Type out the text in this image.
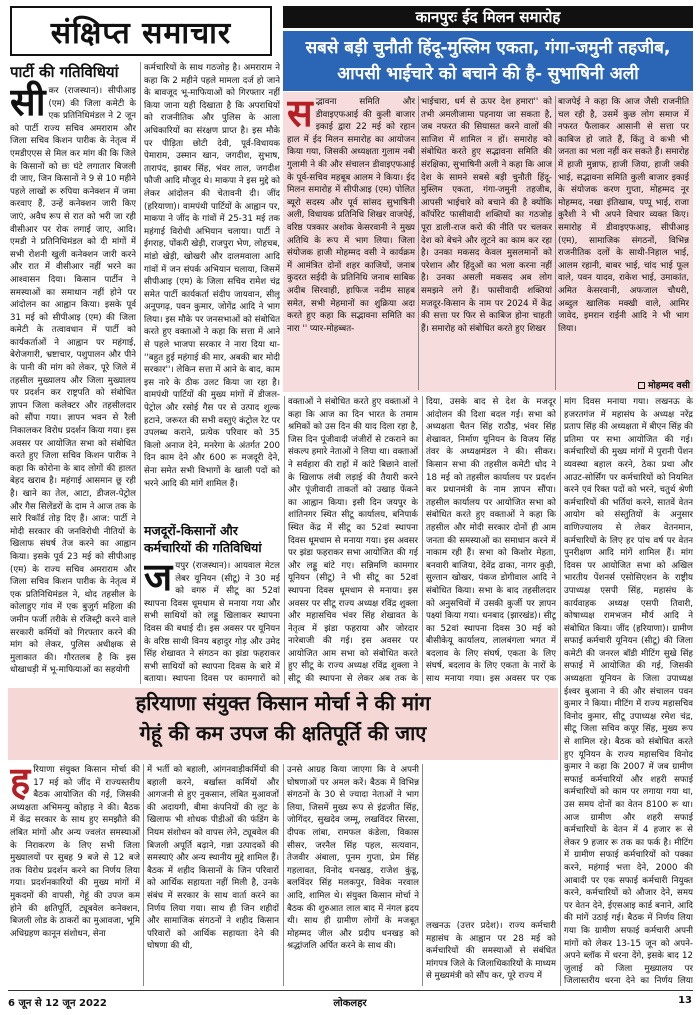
संक्षिप्त समाचार	कानपुरः ईद मिलन समारोह
सबसे बड़ी चुनौती हिंदू-मुस्लिम एकता, गंगा-जमुनी तहजीब,
आपसी भाईचारे को बचाने की है- सुभाषिनी अली
स द्भावना समिति और डीवाइएफआई की कुली बाजार इकाई द्वारा 22 मई को रहान हाल में ईद मिलन समारोह का आयोजन किया गया, जिसकी अध्यक्षता गुलाम नबी गुलामी ने की और संचालन डीवाइएफआई के पूर्व-सचिव महबूब आलम ने किया। ईद मिलन समारोह में सीपीआइ (एम) पोलित ब्यूरो सदस्य और पूर्व सांसद सुभाषिनी अली, विधायक प्रतिनिधि शिखर वाजपेई, वरिष्ठ पत्रकार अशोक केसरवानी ने मुख्य अतिथि के रूप में भाग लिया। जिला संयोजक हाजी मोहम्मद वसी ने कार्यक्रम में आमंत्रित दोनों शहर काजियों, जनाब कुदरत सईदी के प्रतिनिधि जनाब साबिक अदीब सिरवाही, हाफिज नदीम साहब समेत, सभी मेहमानों का शुक्रिया अदा करते हुए कहा कि सद्भावना समिति का नारा '' प्यार-मोहब्बत-
भाईचारा, धर्म से ऊपर देश हमारा'' को तभी अमलीजामा पहनाया जा सकता है, जब नफरत की सियासत करने वालों की साजिश में शामिल न हों। समारोह को संबोधित करते हुए सद्भावना समिति की संरक्षिका, सुभाषिनी अली ने कहा कि आज देश के सामने सबसे बड़ी चुनौती हिंदू-मुस्लिम एकता, गंगा-जमुनी तहजीब, आपसी भाईचारे को बचाने की है क्योंकि कॉर्पोरेट फासीवादी शक्तियों का गठजोड़ पूरा डाली-राज करो की नीति पर चलकर देश को बेचने और लूटने का काम कर रहा है। उनका मकसद केवल मुसलमानों को परेशान और हिंदुओं का भला करना नहीं है। उनका असली मकसद अब लोग समझने लगे हैं। फासीवादी शक्तियां मजदूर-किसान के नाम पर 2024 में केंद्र की सत्ता पर फिर से काबिज होना चाहती हैं। समारोह को संबोधित करते हुए शिखर
बाजपेई ने कहा कि आज जैसी राजनीति चल रही है, उसमें कुछ लोग समाज में नफरत फैलाकर आसानी से सत्ता पर काबिज हो जाते हैं, किंतु वे कभी भी जनता का भला नहीं कर सकते हैं। समारोह में हाजी मुन्नाफ, हाजी जिया, हाजी जकी भाई, सद्भावना समिति कुली बाजार इकाई के संयोजक करण गुप्ता, मोहम्मद नूर मोहम्मद, नखा इंतिखाब, पप्पू भाई, राजा कुरैशी ने भी अपने विचार व्यक्त किए। समारोह में डीवाइएफआइ, सीपीआइ (एम), सामाजिक संगठनों, विभिन्न राजनीतिक दलों के साथी-निहाल भाई, आलम रहानी, बाबर भाई, चांद भाई फूल वाले, पवन यादव, राकेश भाई, उमाकांत, अमित केसरवानी, अफजाल चौधरी, अब्दुल खालिक मक्खी वाले, आमिर जावेद, इमरान राईनी आदि ने भी भाग लिया।
मोहम्मद वसी
पार्टी की गतिविधियां
सी कर (राजस्थान)। सीपीआइ (एम) की जिला कमेटी के एक प्रतिनिधिमंडल ने 2 जून को पार्टी राज्य सचिव अमराराम और जिला सचिव किशन पारीक के नेतृत्व में एमडीएएस से मिल कर मांग की कि जिले के किसानों को छः घंटे लगातार बिजली दी जाए, जिन किसानों ने 9 से 10 महीने पहले लाखों रू रुपिया कनेक्शन में जमा करवाए हैं, उन्हें कनेक्शन जारी किए जाएं, अवैध रूप से रात को भरी जा रही वीसीआर पर रोक लगाई जाए, आदि। एमडी ने प्रतिनिधिमंडल को दी मांगों में सभी रोशनी खुली कनेक्शन जारी करने और रात में वीसीआर नहीं भरने का आश्वासन दिया। किसान पार्टीन ने समस्याओं का समाधान नहीं होने पर आंदोलन का आह्वान किया। इसके पूर्व 31 मई को सीपीआइ (एम) की जिला कमेटी के तत्वावधान में पार्टी को कार्यकर्ताओं ने आह्वान पर महंगाई, बेरोजगारी, भ्रष्टाचार, पशुपालन और पीने के पानी की मांग को लेकर, पूरे जिले में तहसील मुख्यालय और जिला मुख्यालय पर प्रदर्शन कर राष्ट्रपति को संबोधित ज्ञापन जिला कलेक्टर और तहसीलदार को सौंपा गया। ज्ञापन भवन से रैली निकालकर विरोध प्रदर्शन किया गया। इस अवसर पर आयोजित सभा को संबोधित करते हुए जिला सचिव किशन पारीक ने कहा कि कोरोना के बाद लोगों की हालत बेहद खराब है। महंगाई आसमान छू रही है। खाने का तेल, आटा, डीजल-पेट्रोल और गैस सिलेंडरों के दाम ने आज तक के सारे रिकॉर्ड तोड़ दिए हैं। आज: पार्टी ने मोदी सरकार की जनविरोधी नीतियों के खिलाफ संघर्ष तेज करने का आह्वान किया। इसके पूर्व 23 मई को सीपीआइ (एम) के राज्य सचिव अमराराम और जिला सचिव किशन पारीक के नेतृत्व में एक प्रतिनिधिमंडल ने, थोद तहसील के कोलाहुए गांव में एक बुजुर्ग महिला की जमीन फर्जी तरीके से रजिस्ट्री करने वाले सरकारी कर्मियों को गिरफ्तार करने की मांग को लेकर, पुलिस अधीक्षक से मुलाकात की। गौरतलब है कि इस धोखाधड़ी में भू-माफियाओं का सहयोगी
कर्मचारियों के साथ गठजोड़ है। अमराराम ने कहा कि 2 महीने पहले मामला दर्ज हो जाने के बावजूद भू-माफियाओं को गिरफ्तार नहीं किया जाना यही दिखाता है कि अपराधियों को राजनीतिक और पुलिस के आला अधिकारियों का संरक्षण प्राप्त है। इस मौके पर पीड़िता छोटी देवी, पूर्व-विधायक पेमाराम, उस्मान खान, जगदीश, सुभाष, तारापंद, झाबर सिंह, भंवर लाल, जगदीश फौजी आदि मौजूद थे। माकपा ने इस मुद्दे को लेकर आंदोलन की चेतावनी दी। जींद (हरियाणा)। वामपंथी पार्टियों के आह्वान पर, माकपा ने जींद के गांवों में 25-31 मई तक महंगाई विरोधी अभियान चलाया। पार्टी ने ईगराह, पोंकरी खेड़ी, राजपुरा भेण, लोहचब, मांडो खेड़ी, खोखरी और दालमवाला आदि गांवों में जन संपर्क अभियान चलाया, जिसमें सीपीआइ (एम) के जिला सचिव रामेश चंद्र समेत पार्टी कार्यकर्ता संदीप जायवान, सीलू अनूपगढ़, पवन कुमार, जोगेंद्र आदि ने भाग लिया। इस मौके पर जनसभाओं को संबोधित करते हुए वक्ताओं ने कहा कि सत्ता में आने से पहले भाजपा सरकार ने नारा दिया था- ''बहुत हुई महंगाई की मार, अबकी बार मोदी सरकार''। लेकिन सत्ता में आने के बाद, काम इस नारे के ठीक उलट किया जा रहा है। वामपंथी पार्टियों की मुख्य मांगों में डीजल-पेट्रोल और रसोई गैस पर से उत्पाद शुल्क हटाने, जरूरत की सभी वस्तुएं कंट्रोल रेट पर उपलब्ध कराने, प्रत्येक परिवार को 35 किलो अनाज देने, मनरेगा के अंतर्गत 200 दिन काम देने और 600 रू मजदूरी देने, सेना समेत सभी विभागों के खाली पदों को भरने आदि की मांगें शामिल हैं।
मजदूरों-किसानों और कर्मचारियों की गतिविधियां
ज यपुर (राजस्थान)। आयवाल मेटल लेबर यूनियन (सीटू) ने 30 मई को वगरु में सीटू का 52वां स्थापना दिवस धूमधाम से मनाया गया और सभी साथियों को लड्डू खिलाकर स्थापना दिवस की बधाई दी। इस अवसर पर यूनियन के वरिष्ठ साथी विनय बहादुर गोड़ और उमेद सिंह शेखावत ने संगठन का झंडा फहराकर सभी साथियों को स्थापना दिवस के बारे में बताया। स्थापना दिवस पर कामगारों को
वक्ताओं ने संबोधित करते हुए वक्ताओं ने कहा कि आज का दिन भारत के तमाम श्रमिकों को उस दिन की याद दिला रहा है, जिस दिन पूंजीवादी जंजीरों से टकराने का संकल्प हमारे नेताओं ने लिया था। वक्ताओं ने सर्वहारा की राहों में कांटे बिछाने वालों के खिलाफ लंबी लड़ाई की तैयारी करने और पूंजीवादी ताकतों को उखाड़ फेंकने का आह्वान किया। इसी दिन जयपुर के शांतिनगर स्थित सीटू कार्यालय, बनिपार्क स्थित केंद्र में सीटू का 52वां स्थापना दिवस धूमधाम से मनाया गया। इस अवसर पर झंडा फहराकर सभा आयोजित की गई और लड्डू बांटे गए। सन्निमणि कामगार यूनियन (सीटू) ने भी सीटू का 52वां स्थापना दिवस धूमधाम से मनाया। इस अवसर पर सीटू राज्य अध्यक्ष रविंद्र शुक्ला और महासचिव भंवर सिंह शेखावत के नेतृत्व में झंडा फहराया और जोरदार नारेबाजी की गई। इस अवसर पर आयोजित आम सभा को संबोधित करते हुए सीटू के राज्य अध्यक्ष रविंद्र शुक्ला ने सीटू की स्थापना से लेकर अब तक के
दिया, उसके बाद से देश के मजदूर आंदोलन की दिशा बदल गई। सभा को अध्यक्षता चैतन सिंह राठौड़, भंवर सिंह शेखावत, निर्माण यूनियन के विजय सिंह तंवर के अध्यक्षमंडल ने की। सीकर। किसान सभा की तहसील कमेटी धोद ने 18 मई को तहसील कार्यालय पर प्रदर्शन कर प्रधानमंत्री के नाम ज्ञापन सौंपा। तहसील कार्यालय पर आयोजित सभा को संबोधित करते हुए वक्ताओं ने कहा कि तहसील और मोदी सरकार दोनों ही आम जनता की समस्याओं का समाधान करने में नाकाम रही हैं। सभा को किशोर मेहता, बनवारी बाजिया, देवेंद्र ढाका, नागर कुड़ी, सुल्तान खोखर, पंकज डोगीवाल आदि ने संबोधित किया। सभा के बाद तहसीलदार को अनुसचिवों में उसकी कुर्जी पर ज्ञापन पक्ष्यां किया गया। धनबाद (झारखंड)। सीटू का 52वां स्थापना दिवस 30 मई को बीसीकेयू कार्यालय, लालबंगला भगत में बदलाव के लिए संघर्ष, एकता के लिए संघर्ष, बदलाव के लिए एकता के नारों के साथ मनाया गया। इस अवसर पर एक
मांग दिवस मनाया गया। लखनऊ के हजरतगंज में महासंघ के अध्यक्ष नरेंद्र प्रताप सिंह की अध्यक्षता में बीएन सिंह की प्रतिमा पर सभा आयोजित की गई। कर्मचारियों की मुख्य मांगों में पुरानी पेंशन व्यवस्था बहाल करने, ठेका प्रथा और आउट-सोर्सिंग पर कर्मचारियों को नियमित करने एवं रिक्त पदों को भरने, चतुर्थ श्रेणी कर्मचारियों की भर्तियां करने, सातवें वेतन आयोग को संस्तुतियों के अनुसार वाणिज्यालय से लेकर वेतनमान, कर्मचारियों के लिए हर पांच वर्ष पर वेतन पुनरीक्षण आदि मांगें शामिल हैं। मांग दिवस पर आयोजित सभा को अखिल भारतीय पेंशनर्स एसोसिएशन के राष्ट्रीय उपाध्यक्ष एसपी सिंह, महासंघ के कार्यवाहक अध्यक्ष एसपी तिवारी, कोषाध्यक्ष रामभजन मौर्य आदि ने संबोधित किया। जींद (हरियाणा)। ग्रामीण सफाई कर्मचारी यूनियन (सीटू) की जिला कमेटी की जनरल बॉडी मीटिंग सुखे सिंह सफाई में आयोजित की गई, जिसकी अध्यक्षता यूनियन के जिला उपाध्यक्ष ईश्वर बुआना ने की और संचालन पवन कुमार ने किया। मीटिंग में राज्य महासचिव विनोद कुमार, सीटू उपाध्यक्ष रमेश चंद्र, सीटू जिला सचिव कपूर सिंह, मुख्य रूप से शामिल रहे। बैठक को संबोधित करते हुए यूनियन के राज्य महासचिव विनोद कुमार ने कहा कि 2007 में जब ग्रामीण सफाई कर्मचारियों और शहरी सफाई कर्मचारियों को काम पर लगाया गया था, उस समय दोनों का वेतन 8100 रू था। आज ग्रामीण और शहरी सफाई कर्मचारियों के वेतन में 4 हजार रू से लेकर 9 हजार रू तक का फर्क है। मीटिंग में ग्रामीण सफाई कर्मचारियों को पक्का करने, महंगाई भत्ता देने, 2000 की आबादी पर एक सफाई कर्मचारी नियुक्त करने, कर्मचारियों को औजार देने, समय पर वेतन देने, ईएसआइ कार्ड बनाने, आदि की मांगें उठाई गई। बैठक में निर्णय लिया गया कि ग्रामीण सफाई कर्मचारी अपनी मांगों को लेकर 13-15 जून को अपने-अपने ब्लॉक में धरना देंगे, इसके बाद 12 जुलाई को जिला मुख्यालय पर जिलास्तरीय धरना देने का निर्णय लिया
हरियाणा संयुक्त किसान मोर्चा ने की मांग
गेहूं की कम उपज की क्षतिपूर्ति की जाए
ह रियाणा संयुक्त किसान मोर्चा की 17 मई को जींद में राज्यस्तरीय बैठक आयोजित की गई, जिसकी अध्यक्षता अभिमन्यु कोहाड़ ने की। बैठक में केंद्र सरकार के साथ हुए समझौते की लंबित मांगों और अन्य ज्वलंत समस्याओं के निराकरण के लिए सभी जिला मुख्यालयों पर सुबह 9 बजे से 12 बजे तक विरोध प्रदर्शन करने का निर्णय लिया गया। प्रदर्शनकारियों की मुख्य मांगों में मुकदमों की वापसी, गेहूं की उपज कम होने की क्षतिपूर्ति, ट्यूबवेल कनेक्शन, बिजली लोड के ठाकरों का मुआवजा, भूमि अधिग्रहण कानून संशोधन, सेना
में भर्ती को बहाली, आंगनवाड़ीकर्मियों की बहाली करने, बर्खास्त कर्मियों और आगजनी से हुए नुकसान, लंबित मुआवजों की अदायगी, बीमा कंपनियों की लूट के खिलाफ भी शोधक पीडीओं की फंडिंग के नियम संशोधन को वापस लेने, ट्यूबवेल की बिजली अपूर्ति बढ़ाने, गन्ना उत्पादकों की समस्याएं और अन्य स्थानीय मुद्दे शामिल हैं। बैठक में शहीद किसानों के जिन परिवारों को आर्थिक सहायता नहीं मिली है, उनके संबंध में सरकार के साथ वार्ता करने का निर्णय लिया गया। साथ ही जिन शहीदों और सामाजिक संगठनों ने शहीद किसान परिवारों को आर्थिक सहायता देने की घोषणा की थी,
उनसे आग्रह किया जाएगा कि वे अपनी घोषणाओं पर अमल करें। बैठक में विभिन्न संगठनों के 30 से ज्यादा नेताओं ने भाग लिया, जिसमें मुख्य रूप से इंद्रजीत सिंह, जोगिंदर, सुखदेव जम्मू, लखविंदर सिरसा, दीपक लांबा, रामफल कंडेला, विकास सीसर, जरनैल सिंह पहल, सत्यवान, तेजवीर अंबाला, पूनम गुप्ता, प्रेम सिंह गहलावत, विनोद धनखड़, राजेश कुंडू, बलविंदर सिंह मलकपुर, विवेक नरवाल आदि, शामिल थे। संयुक्त किसान मोर्चा ने बैठक की शुरुआत लाल बाद में नंगल ह्रदय थी। साथ ही ग्रामीण लोगों के मजबूत मोहम्मद जील और प्रदीप धनखड़ को श्रद्धांजलि अर्पित करने के साथ की।
लखनऊ (उत्तर प्रदेश)। राज्य कर्मचारी महासंघ के आह्वान पर 28 मई को कर्मचारियों की समस्याओं से संबंधित मांगपत्र जिले के जिलाधिकारियों के माध्यम से मुख्यमंत्री को सौंप कर, पूरे राज्य में
6 जून से 12 जून 2022	लोकलहर	13
